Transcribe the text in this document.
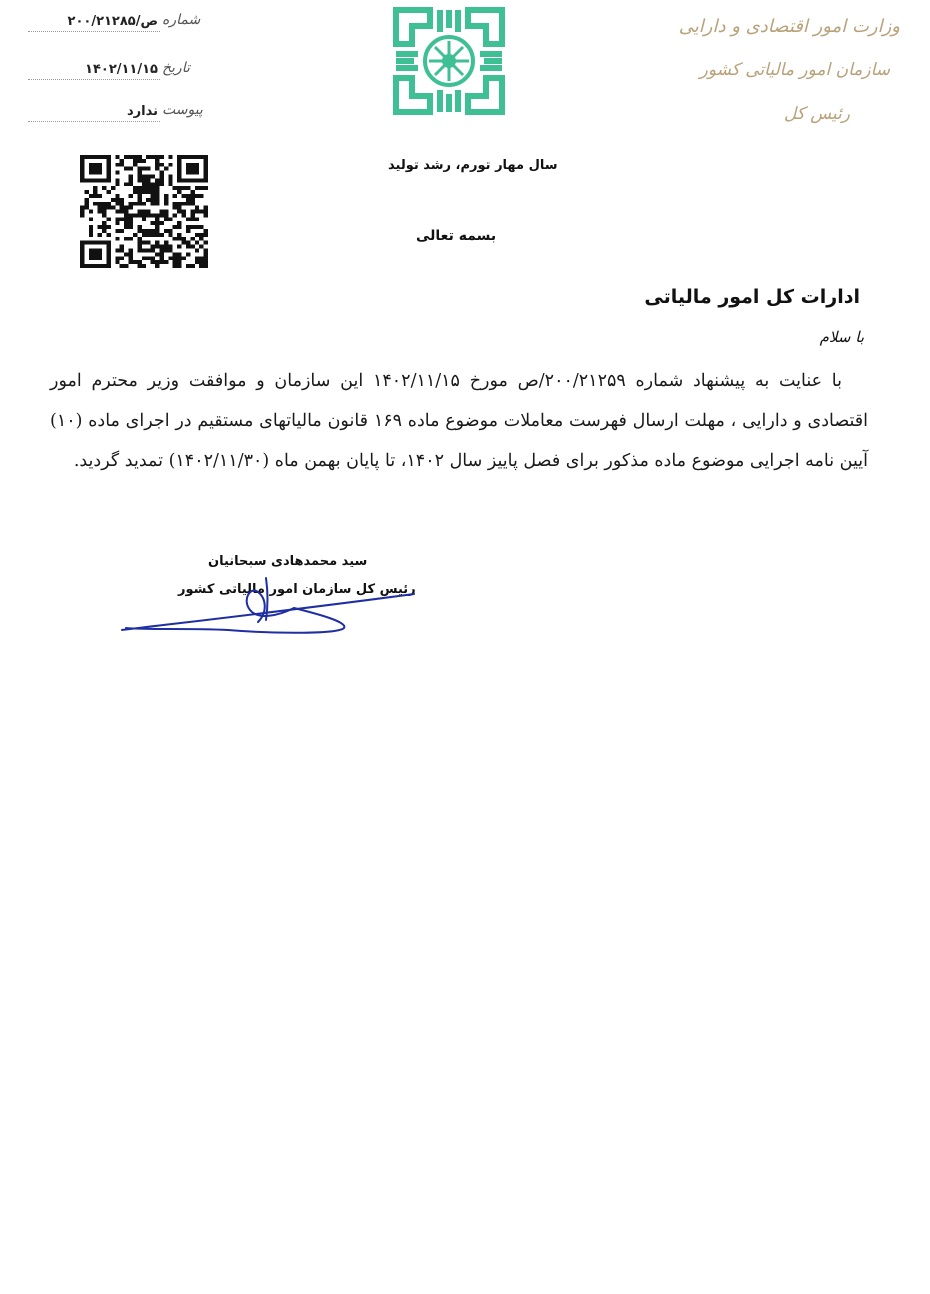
وزارت امور اقتصادی و دارایی
سازمان امور مالیاتی کشور
رئیس کل
سال مهار تورم، رشد تولید
بسمه تعالی
شماره
۲۰۰/۲۱۲۸۵/ص
تاریخ
۱۴۰۲/۱۱/۱۵
پیوست
ندارد
ادارات کل امور مالیاتی
با سلام
با عنایت به پیشنهاد شماره ۲۰۰/۲۱۲۵۹/ص مورخ ۱۴۰۲/۱۱/۱۵ این سازمان و موافقت وزیر محترم امور اقتصادی و دارایی ، مهلت ارسال فهرست معاملات موضوع ماده ۱۶۹ قانون مالیاتهای مستقیم در اجرای ماده (۱۰) آیین نامه اجرایی موضوع ماده مذکور برای فصل پاییز سال ۱۴۰۲، تا پایان بهمن ماه (۱۴۰۲/۱۱/۳۰) تمدید گردید.
سید محمدهادی سبحانیان
رئیس کل سازمان امور مالیاتی کشور
